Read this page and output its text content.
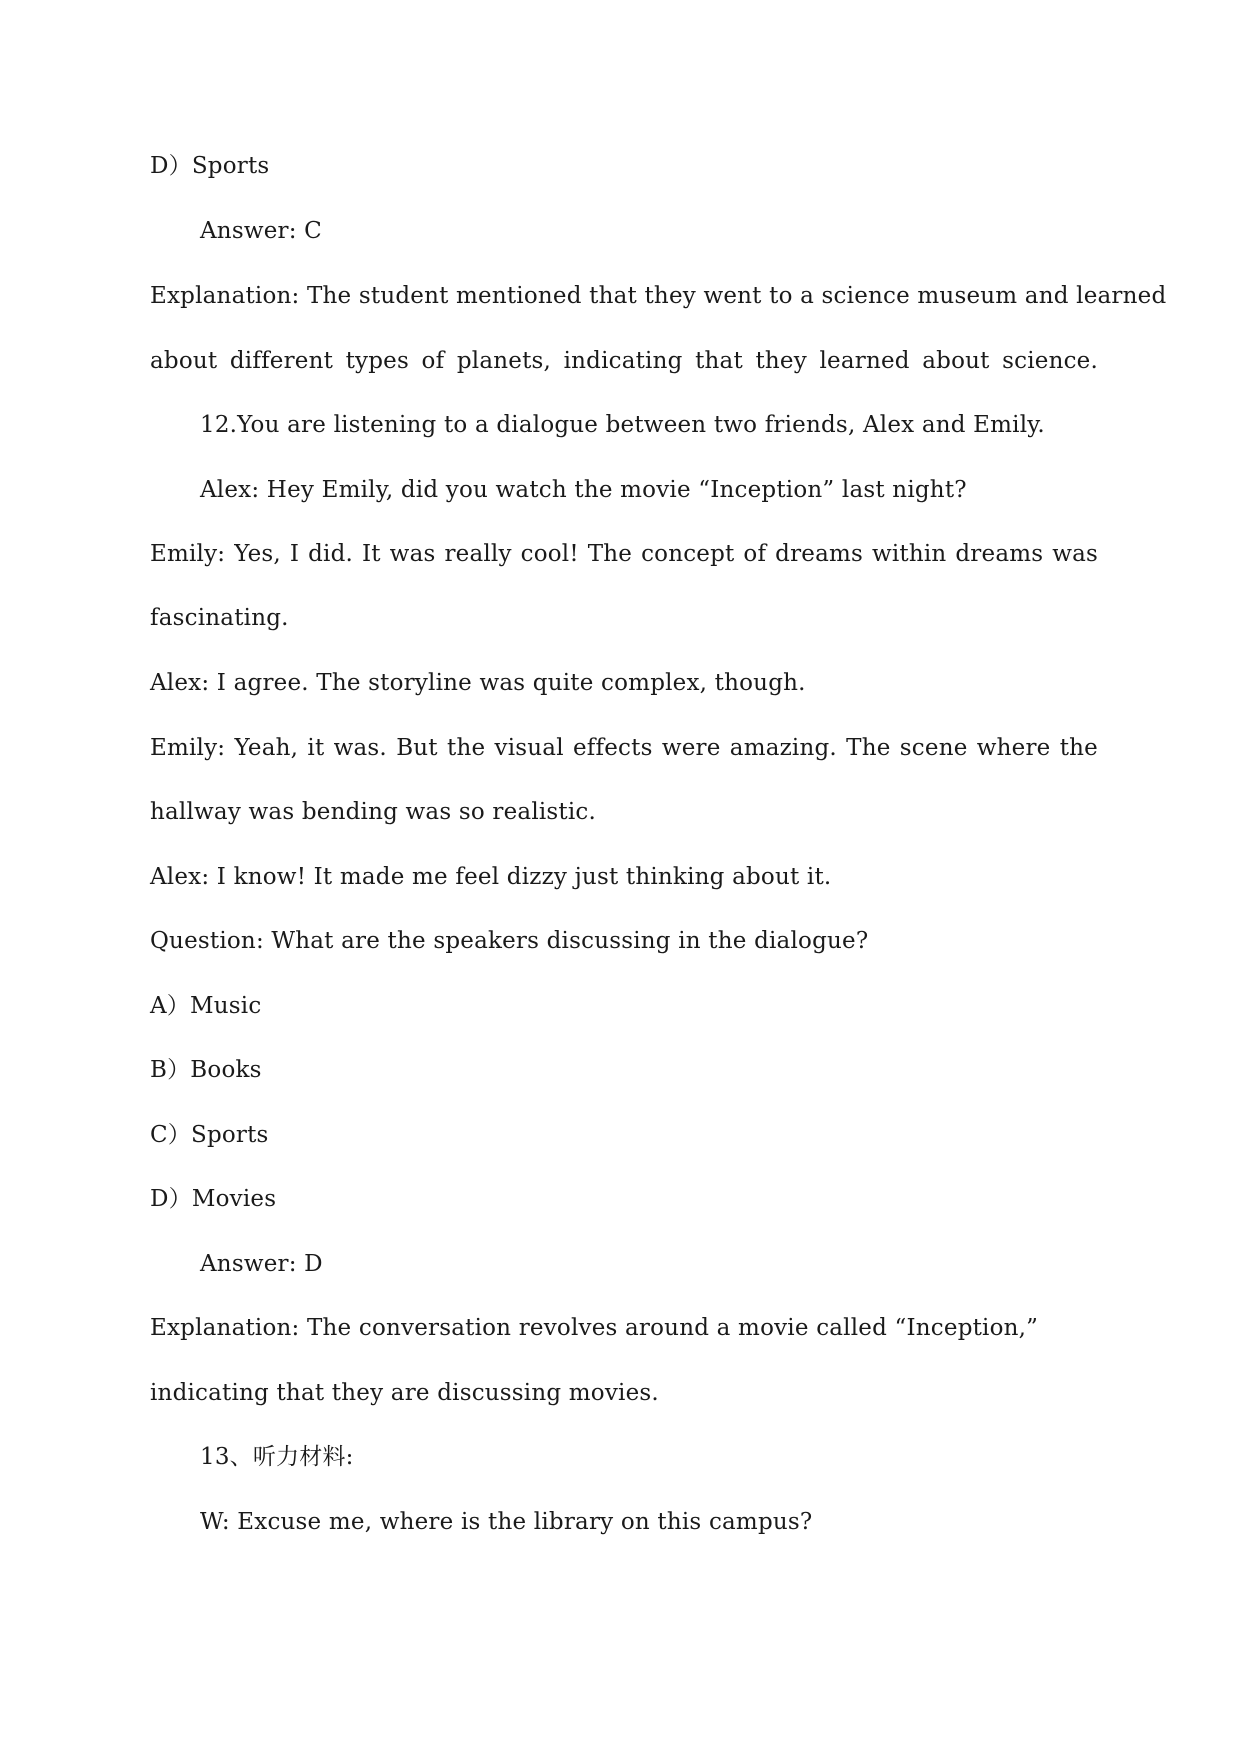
D）Sports
Answer: C
Explanation: The student mentioned that they went to a science museum and learned
about different types of planets, indicating that they learned about science.
12.You are listening to a dialogue between two friends, Alex and Emily.
Alex: Hey Emily, did you watch the movie “Inception” last night?
Emily: Yes, I did. It was really cool! The concept of dreams within dreams was
fascinating.
Alex: I agree. The storyline was quite complex, though.
Emily: Yeah, it was. But the visual effects were amazing. The scene where the
hallway was bending was so realistic.
Alex: I know! It made me feel dizzy just thinking about it.
Question: What are the speakers discussing in the dialogue?
A）Music
B）Books
C）Sports
D）Movies
Answer: D
Explanation: The conversation revolves around a movie called “Inception,”
indicating that they are discussing movies.
13、听力材料:
W: Excuse me, where is the library on this campus?
